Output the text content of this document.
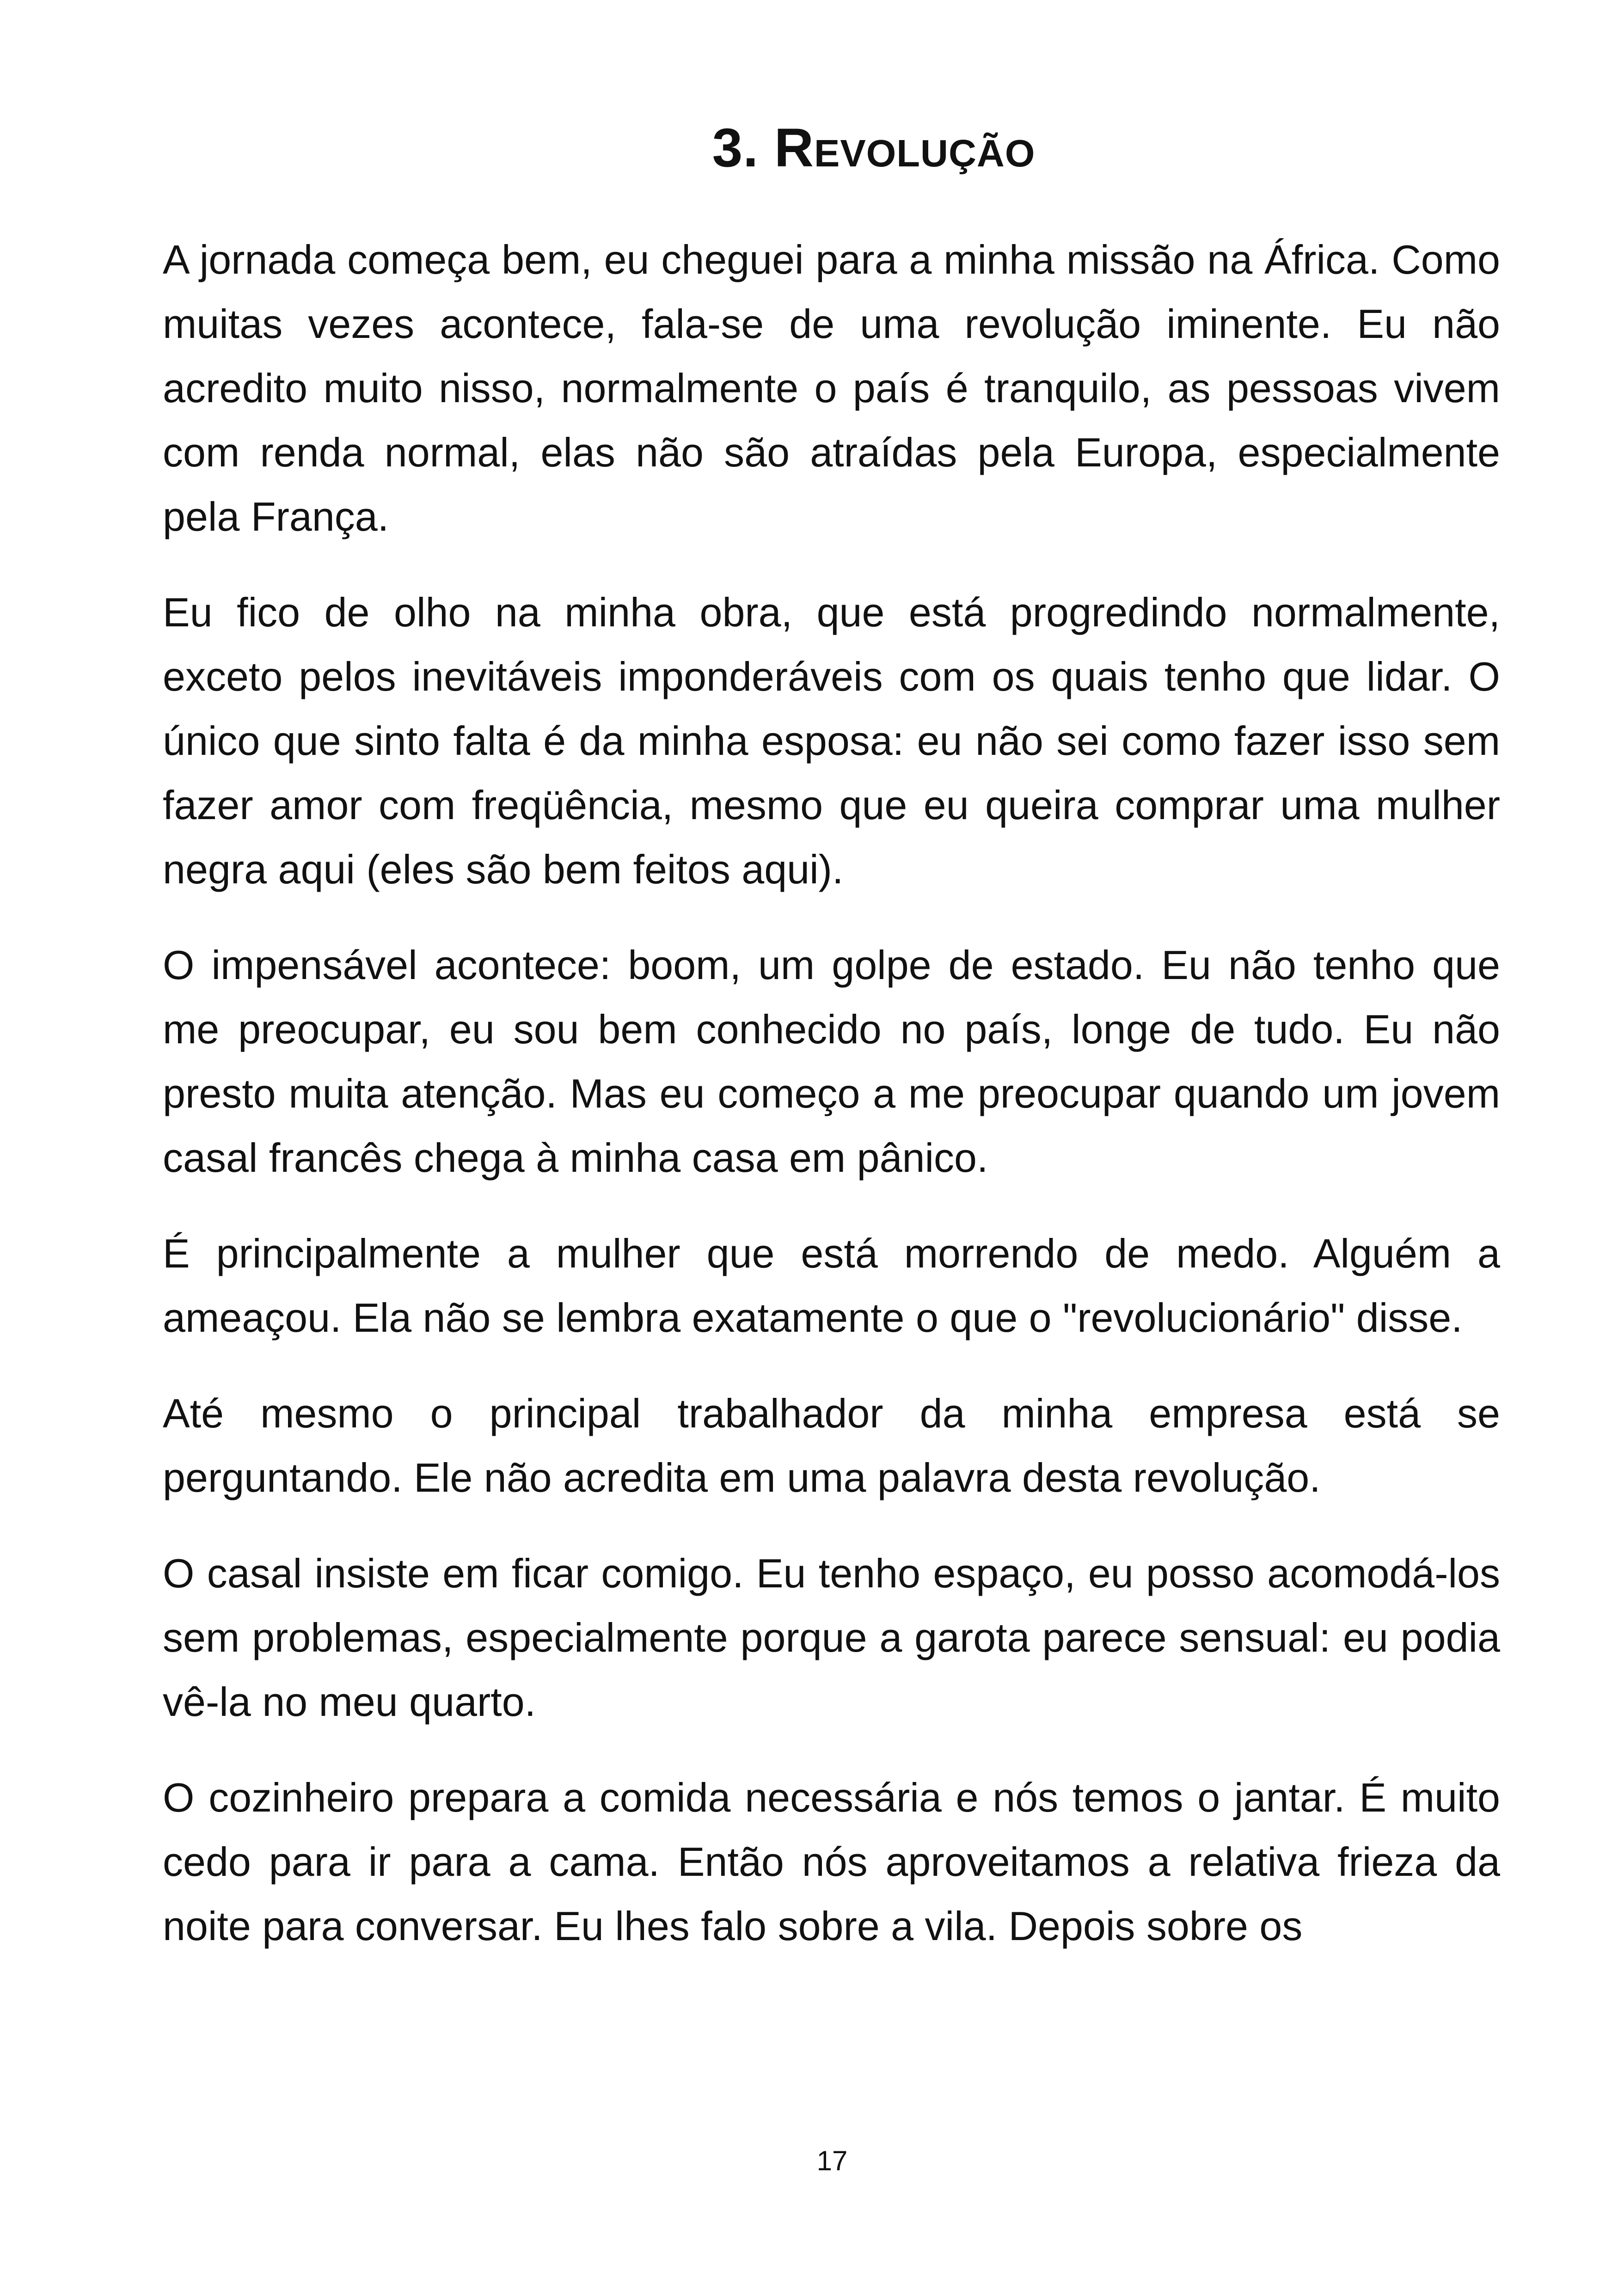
3. Revolução

A jornada começa bem, eu cheguei para a minha missão na África. Como muitas vezes acontece, fala-se de uma revolução iminente. Eu não acredito muito nisso, normalmente o país é tranquilo, as pessoas vivem com renda normal, elas não são atraídas pela Europa, especialmente pela França.

Eu fico de olho na minha obra, que está progredindo normalmente, exceto pelos inevitáveis imponderáveis com os quais tenho que lidar. O único que sinto falta é da minha esposa: eu não sei como fazer isso sem fazer amor com freqüência, mesmo que eu queira comprar uma mulher negra aqui (eles são bem feitos aqui).

O impensável acontece: boom, um golpe de estado. Eu não tenho que me preocupar, eu sou bem conhecido no país, longe de tudo. Eu não presto muita atenção. Mas eu começo a me preocupar quando um jovem casal francês chega à minha casa em pânico.

É principalmente a mulher que está morrendo de medo. Alguém a ameaçou. Ela não se lembra exatamente o que o "revolucionário" disse.

Até mesmo o principal trabalhador da minha empresa está se perguntando. Ele não acredita em uma palavra desta revolução.

O casal insiste em ficar comigo. Eu tenho espaço, eu posso acomodá-los sem problemas, especialmente porque a garota parece sensual: eu podia vê-la no meu quarto.

O cozinheiro prepara a comida necessária e nós temos o jantar. É muito cedo para ir para a cama. Então nós aproveitamos a relativa frieza da noite para conversar. Eu lhes falo sobre a vila. Depois sobre os

17
